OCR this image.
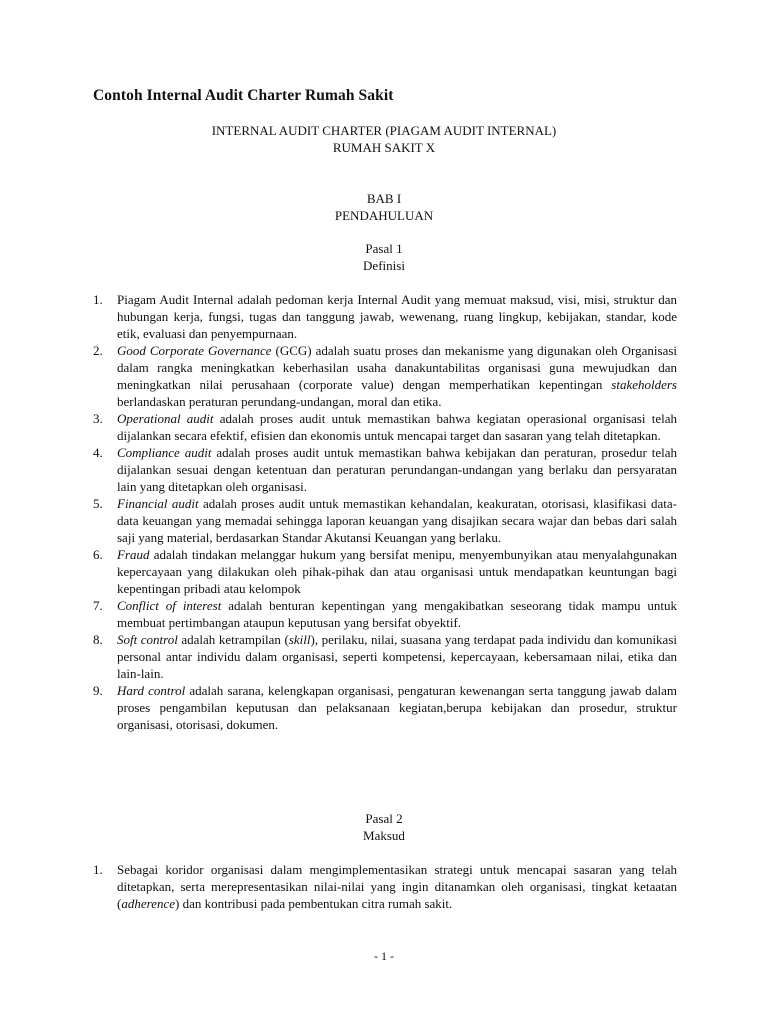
Contoh Internal Audit Charter Rumah Sakit
INTERNAL AUDIT CHARTER (PIAGAM AUDIT INTERNAL)
RUMAH SAKIT X
BAB I
PENDAHULUAN
Pasal 1
Definisi
1. Piagam Audit Internal adalah pedoman kerja Internal Audit yang memuat maksud, visi, misi, struktur dan hubungan kerja, fungsi, tugas dan tanggung jawab, wewenang, ruang lingkup, kebijakan, standar, kode etik, evaluasi dan penyempurnaan.
2. Good Corporate Governance (GCG) adalah suatu proses dan mekanisme yang digunakan oleh Organisasi dalam rangka meningkatkan keberhasilan usaha danakuntabilitas organisasi guna mewujudkan dan meningkatkan nilai perusahaan (corporate value) dengan memperhatikan kepentingan stakeholders berlandaskan peraturan perundang-undangan, moral dan etika.
3. Operational audit adalah proses audit untuk memastikan bahwa kegiatan operasional organisasi telah dijalankan secara efektif, efisien dan ekonomis untuk mencapai target dan sasaran yang telah ditetapkan.
4. Compliance audit adalah proses audit untuk memastikan bahwa kebijakan dan peraturan, prosedur telah dijalankan sesuai dengan ketentuan dan peraturan perundangan-undangan yang berlaku dan persyaratan lain yang ditetapkan oleh organisasi.
5. Financial audit adalah proses audit untuk memastikan kehandalan, keakuratan, otorisasi, klasifikasi data-data keuangan yang memadai sehingga laporan keuangan yang disajikan secara wajar dan bebas dari salah saji yang material, berdasarkan Standar Akutansi Keuangan yang berlaku.
6. Fraud adalah tindakan melanggar hukum yang bersifat menipu, menyembunyikan atau menyalahgunakan kepercayaan yang dilakukan oleh pihak-pihak dan atau organisasi untuk mendapatkan keuntungan bagi kepentingan pribadi atau kelompok
7. Conflict of interest adalah benturan kepentingan yang mengakibatkan seseorang tidak mampu untuk membuat pertimbangan ataupun keputusan yang bersifat obyektif.
8. Soft control adalah ketrampilan (skill), perilaku, nilai, suasana yang terdapat pada individu dan komunikasi personal antar individu dalam organisasi, seperti kompetensi, kepercayaan, kebersamaan nilai, etika dan lain-lain.
9. Hard control adalah sarana, kelengkapan organisasi, pengaturan kewenangan serta tanggung jawab dalam proses pengambilan keputusan dan pelaksanaan kegiatan,berupa kebijakan dan prosedur, struktur organisasi, otorisasi, dokumen.
Pasal 2
Maksud
1. Sebagai koridor organisasi dalam mengimplementasikan strategi untuk mencapai sasaran yang telah ditetapkan, serta merepresentasikan nilai-nilai yang ingin ditanamkan oleh organisasi, tingkat ketaatan (adherence) dan kontribusi pada pembentukan citra rumah sakit.
- 1 -
